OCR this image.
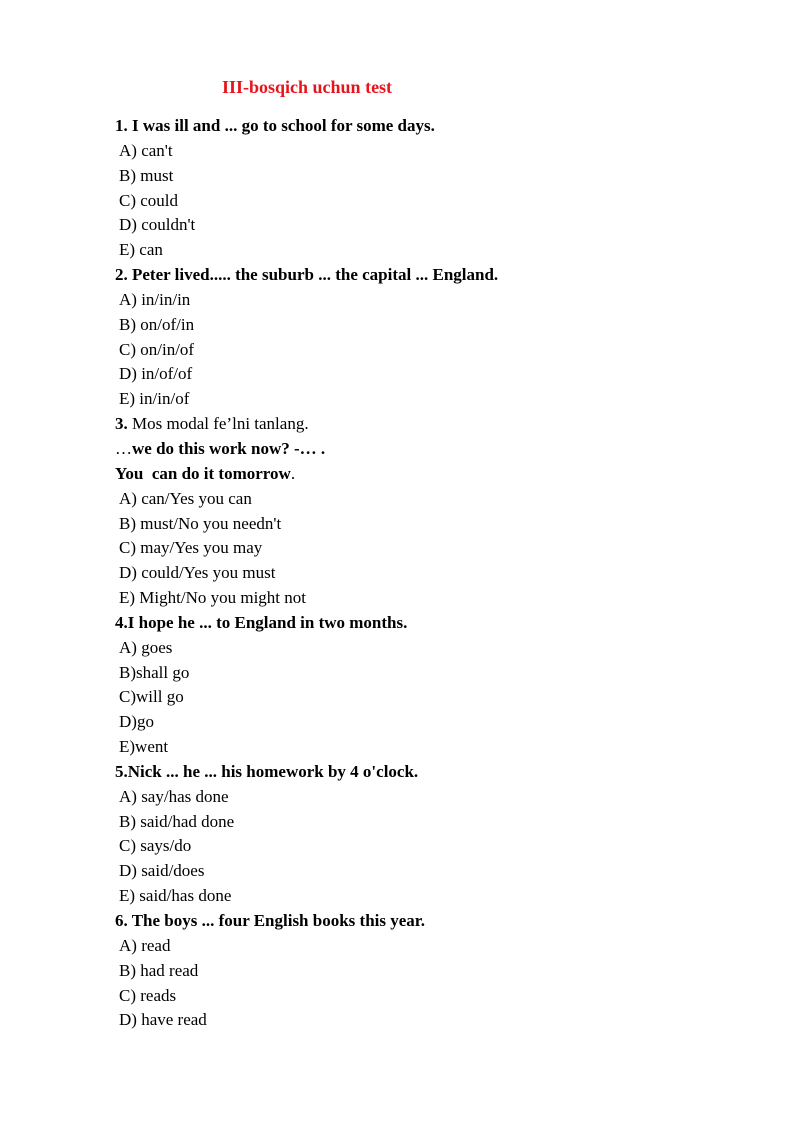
III-bosqich uchun test
1. I was ill and ... go to school for some days.
A) can't
B) must
C) could
D) couldn't
E) can
2. Peter lived..... the suburb ... the capital ... England.
A) in/in/in
B) on/of/in
C) on/in/of
D) in/of/of
E) in/in/of
3. Mos modal fe’lni tanlang.
…we do this work now? -… .
You  can do it tomorrow.
A) can/Yes you can
B) must/No you needn't
C) may/Yes you may
D) could/Yes you must
E) Might/No you might not
4.I hope he ... to England in two months.
A) goes
B)shall go
C)will go
D)go
E)went
5.Nick ... he ... his homework by 4 o'clock.
A) say/has done
B) said/had done
C) says/do
D) said/does
E) said/has done
6. The boys ... four English books this year.
A) read
B) had read
C) reads
D) have read
